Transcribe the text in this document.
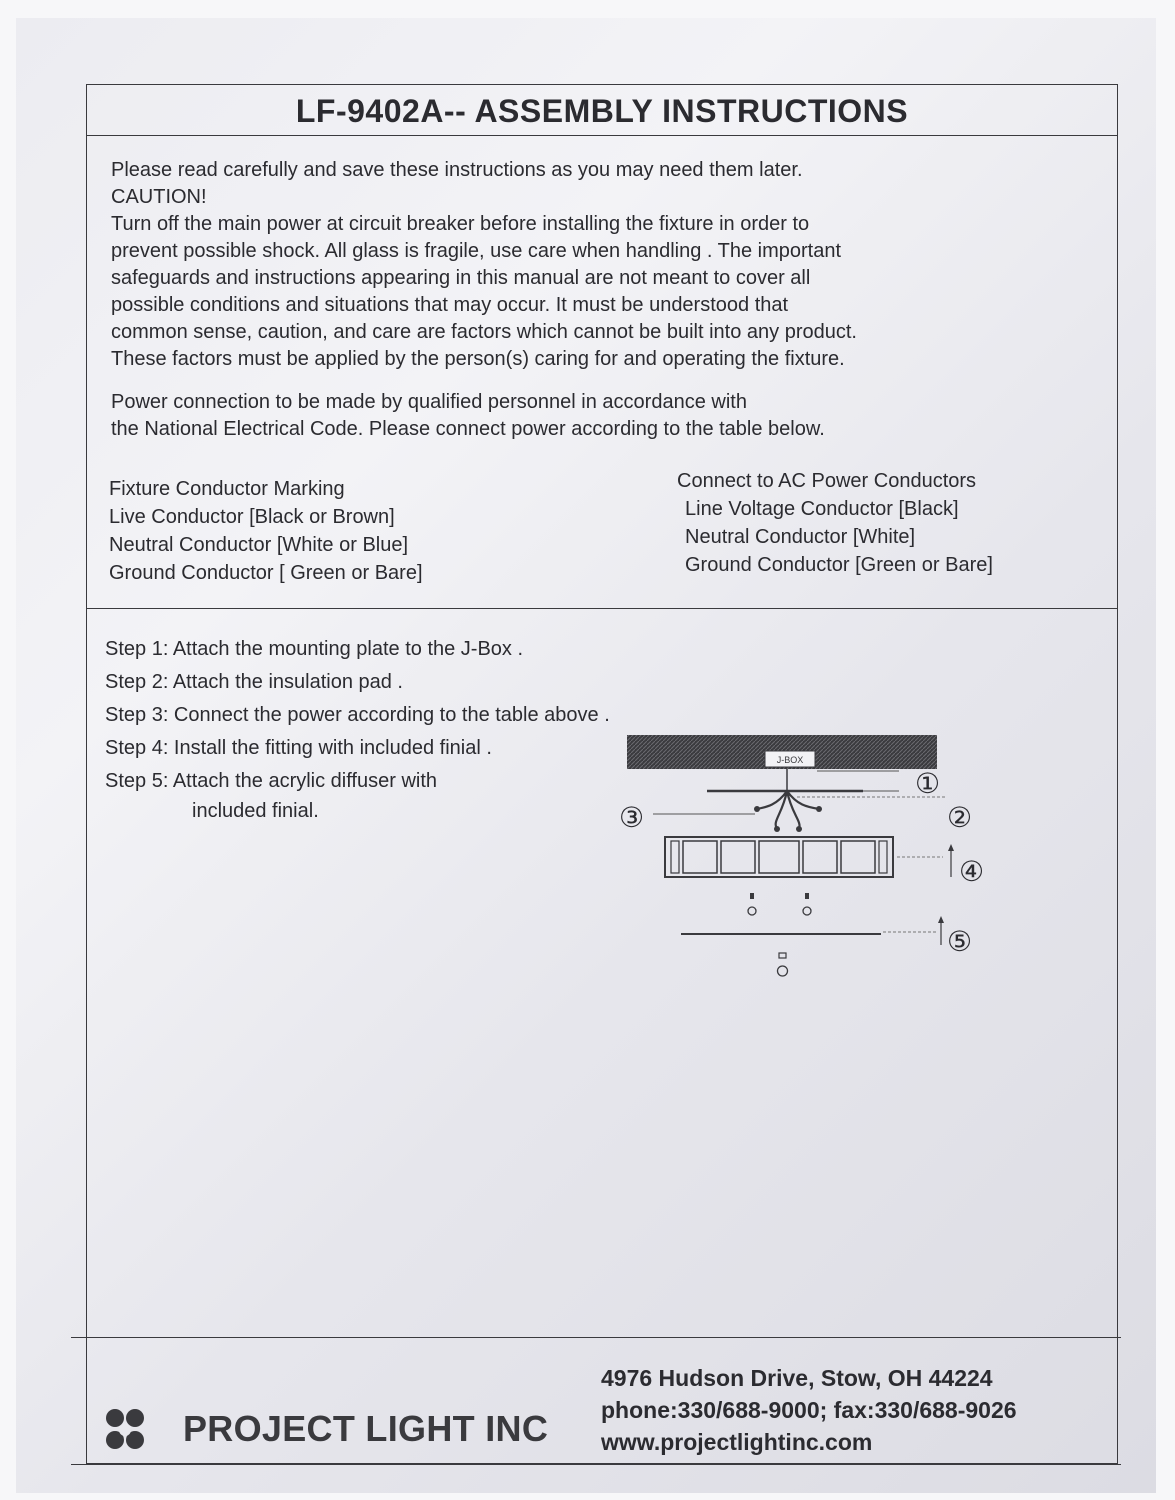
LF-9402A-- ASSEMBLY INSTRUCTIONS

Please read carefully and save these instructions as you may need them later.

CAUTION!

Turn off the main power at circuit breaker before installing the fixture in order to

prevent possible shock. All glass is fragile, use care when handling . The important

safeguards and instructions appearing in this manual are not meant to cover all

possible conditions and situations that may occur. It must be understood that

common sense, caution, and care are factors which cannot be built into any product.

These factors must be applied by the person(s) caring for and operating the fixture.

Power connection to be made by qualified personnel in accordance with

the National Electrical Code. Please connect power according to the table below.

Fixture Conductor Marking
Live Conductor [Black or Brown]
Neutral Conductor [White or Blue]
Ground Conductor [ Green or Bare]
Connect to AC Power Conductors
Line Voltage Conductor [Black]
Neutral Conductor [White]
Ground Conductor [Green or Bare]
Step 1: Attach the mounting plate to the J-Box .
Step 2: Attach the insulation pad .
Step 3: Connect the power according to the table above .
Step 4: Install the fitting with included finial .
Step 5: Attach the acrylic diffuser with
included finial.
J-BOX
①
②
③
④
⑤
PROJECT LIGHT INC
4976 Hudson Drive, Stow, OH 44224
phone:330/688-9000; fax:330/688-9026
www.projectlightinc.com
